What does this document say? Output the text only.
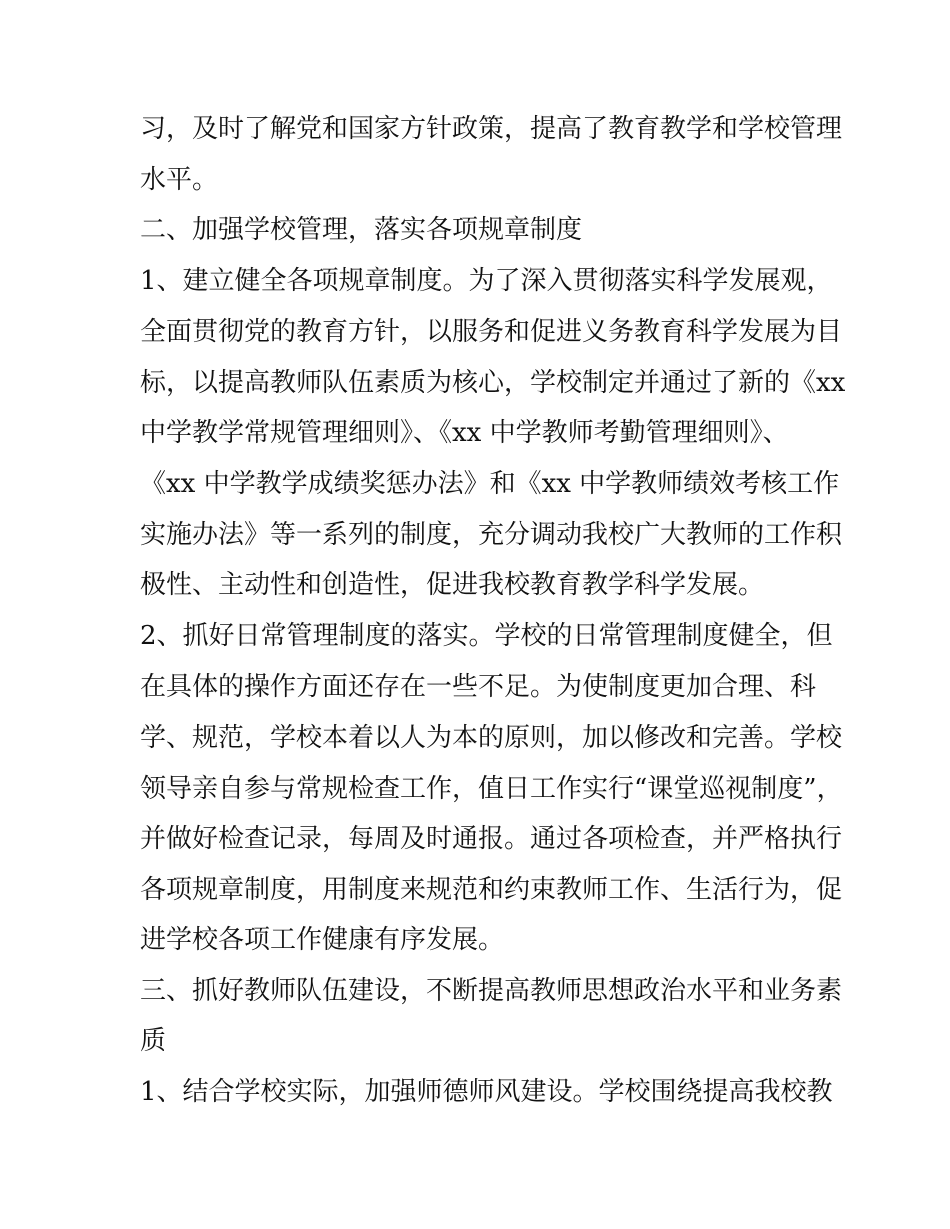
习，及时了解党和国家方针政策，提高了教育教学和学校管理
水平。
二、加强学校管理，落实各项规章制度
1、建立健全各项规章制度。为了深入贯彻落实科学发展观，
全面贯彻党的教育方针，以服务和促进义务教育科学发展为目
标，以提高教师队伍素质为核心，学校制定并通过了新的《xx
中学教学常规管理细则》、《xx 中学教师考勤管理细则》、
《xx 中学教学成绩奖惩办法》和《xx 中学教师绩效考核工作
实施办法》等一系列的制度，充分调动我校广大教师的工作积
极性、主动性和创造性，促进我校教育教学科学发展。
2、抓好日常管理制度的落实。学校的日常管理制度健全，但
在具体的操作方面还存在一些不足。为使制度更加合理、科
学、规范，学校本着以人为本的原则，加以修改和完善。学校
领导亲自参与常规检查工作，值日工作实行“课堂巡视制度”，
并做好检查记录，每周及时通报。通过各项检查，并严格执行
各项规章制度，用制度来规范和约束教师工作、生活行为，促
进学校各项工作健康有序发展。
三、抓好教师队伍建设，不断提高教师思想政治水平和业务素
质
1、结合学校实际，加强师德师风建设。学校围绕提高我校教
